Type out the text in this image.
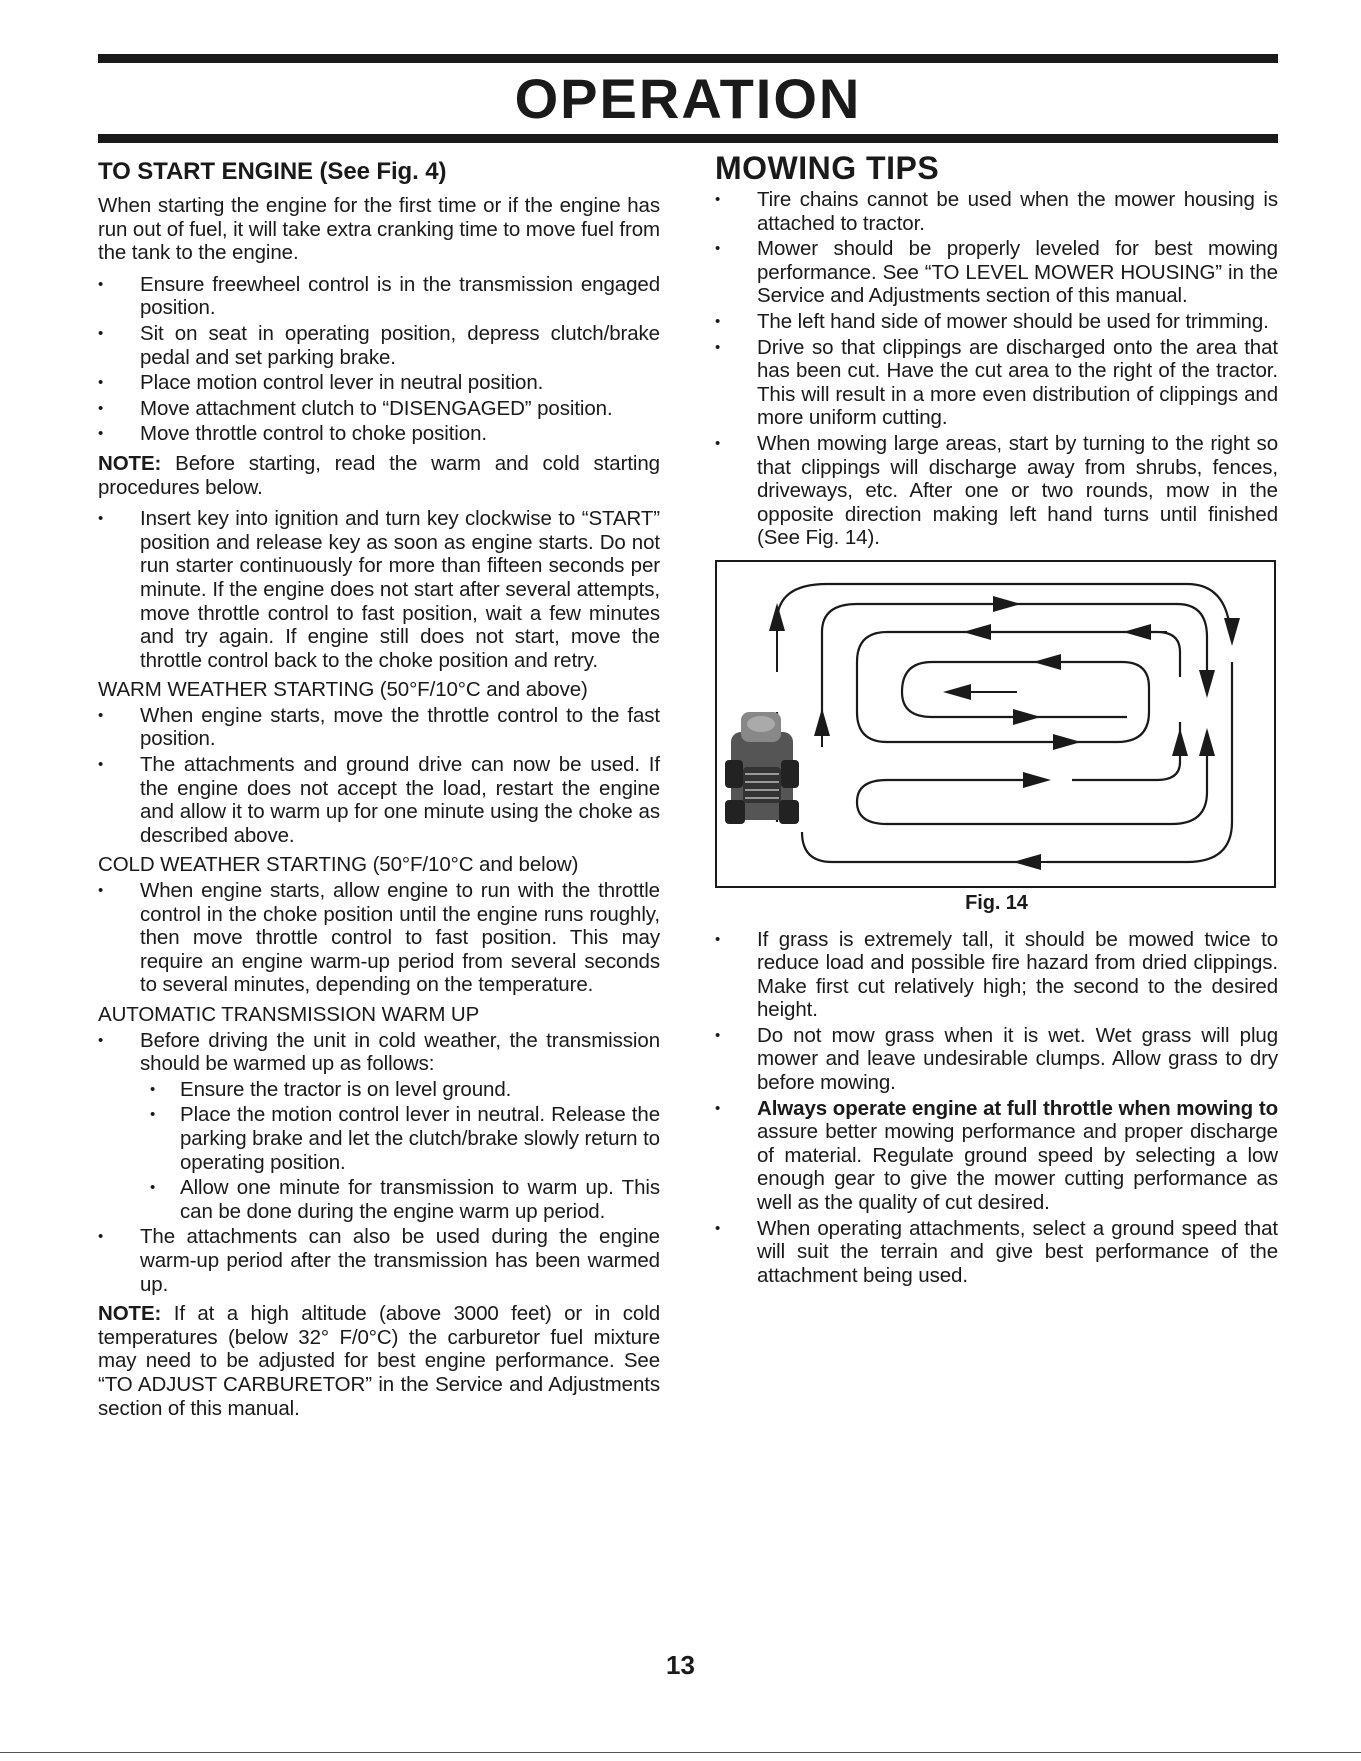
OPERATION
TO START ENGINE (See Fig. 4)

When starting the engine for the first time or if the engine has run out of fuel, it will take extra cranking time to move fuel from the tank to the engine.

• Ensure freewheel control is in the transmission engaged position.
• Sit on seat in operating position, depress clutch/brake pedal and set parking brake.
• Place motion control lever in neutral position.
• Move attachment clutch to “DISENGAGED” position.
• Move throttle control to choke position.

NOTE: Before starting, read the warm and cold starting procedures below.

• Insert key into ignition and turn key clockwise to “START” position and release key as soon as engine starts. Do not run starter continuously for more than fifteen seconds per minute. If the engine does not start after several attempts, move throttle control to fast position, wait a few minutes and try again. If engine still does not start, move the throttle control back to the choke position and retry.
WARM WEATHER STARTING (50°F/10°C and above)
• When engine starts, move the throttle control to the fast position.
• The attachments and ground drive can now be used. If the engine does not accept the load, restart the engine and allow it to warm up for one minute using the choke as described above.
COLD WEATHER STARTING (50°F/10°C and below)
• When engine starts, allow engine to run with the throttle control in the choke position until the engine runs roughly, then move throttle control to fast position. This may require an engine warm-up period from several seconds to several minutes, depending on the temperature.
AUTOMATIC TRANSMISSION WARM UP
• Before driving the unit in cold weather, the transmission should be warmed up as follows:
• Ensure the tractor is on level ground.
• Place the motion control lever in neutral. Release the parking brake and let the clutch/brake slowly return to operating position.
• Allow one minute for transmission to warm up. This can be done during the engine warm up period.
• The attachments can also be used during the engine warm-up period after the transmission has been warmed up.

NOTE: If at a high altitude (above 3000 feet) or in cold temperatures (below 32° F/0°C) the carburetor fuel mixture may need to be adjusted for best engine performance. See “TO ADJUST CARBURETOR” in the Service and Adjustments section of this manual.

MOWING TIPS
• Tire chains cannot be used when the mower housing is attached to tractor.
• Mower should be properly leveled for best mowing performance. See “TO LEVEL MOWER HOUSING” in the Service and Adjustments section of this manual.
• The left hand side of mower should be used for trimming.
• Drive so that clippings are discharged onto the area that has been cut. Have the cut area to the right of the tractor. This will result in a more even distribution of clippings and more uniform cutting.
• When mowing large areas, start by turning to the right so that clippings will discharge away from shrubs, fences, driveways, etc. After one or two rounds, mow in the opposite direction making left hand turns until finished (See Fig. 14).
Fig. 14
• If grass is extremely tall, it should be mowed twice to reduce load and possible fire hazard from dried clippings. Make first cut relatively high; the second to the desired height.
• Do not mow grass when it is wet. Wet grass will plug mower and leave undesirable clumps. Allow grass to dry before mowing.
• Always operate engine at full throttle when mowing to assure better mowing performance and proper discharge of material. Regulate ground speed by selecting a low enough gear to give the mower cutting performance as well as the quality of cut desired.
• When operating attachments, select a ground speed that will suit the terrain and give best performance of the attachment being used.
13
